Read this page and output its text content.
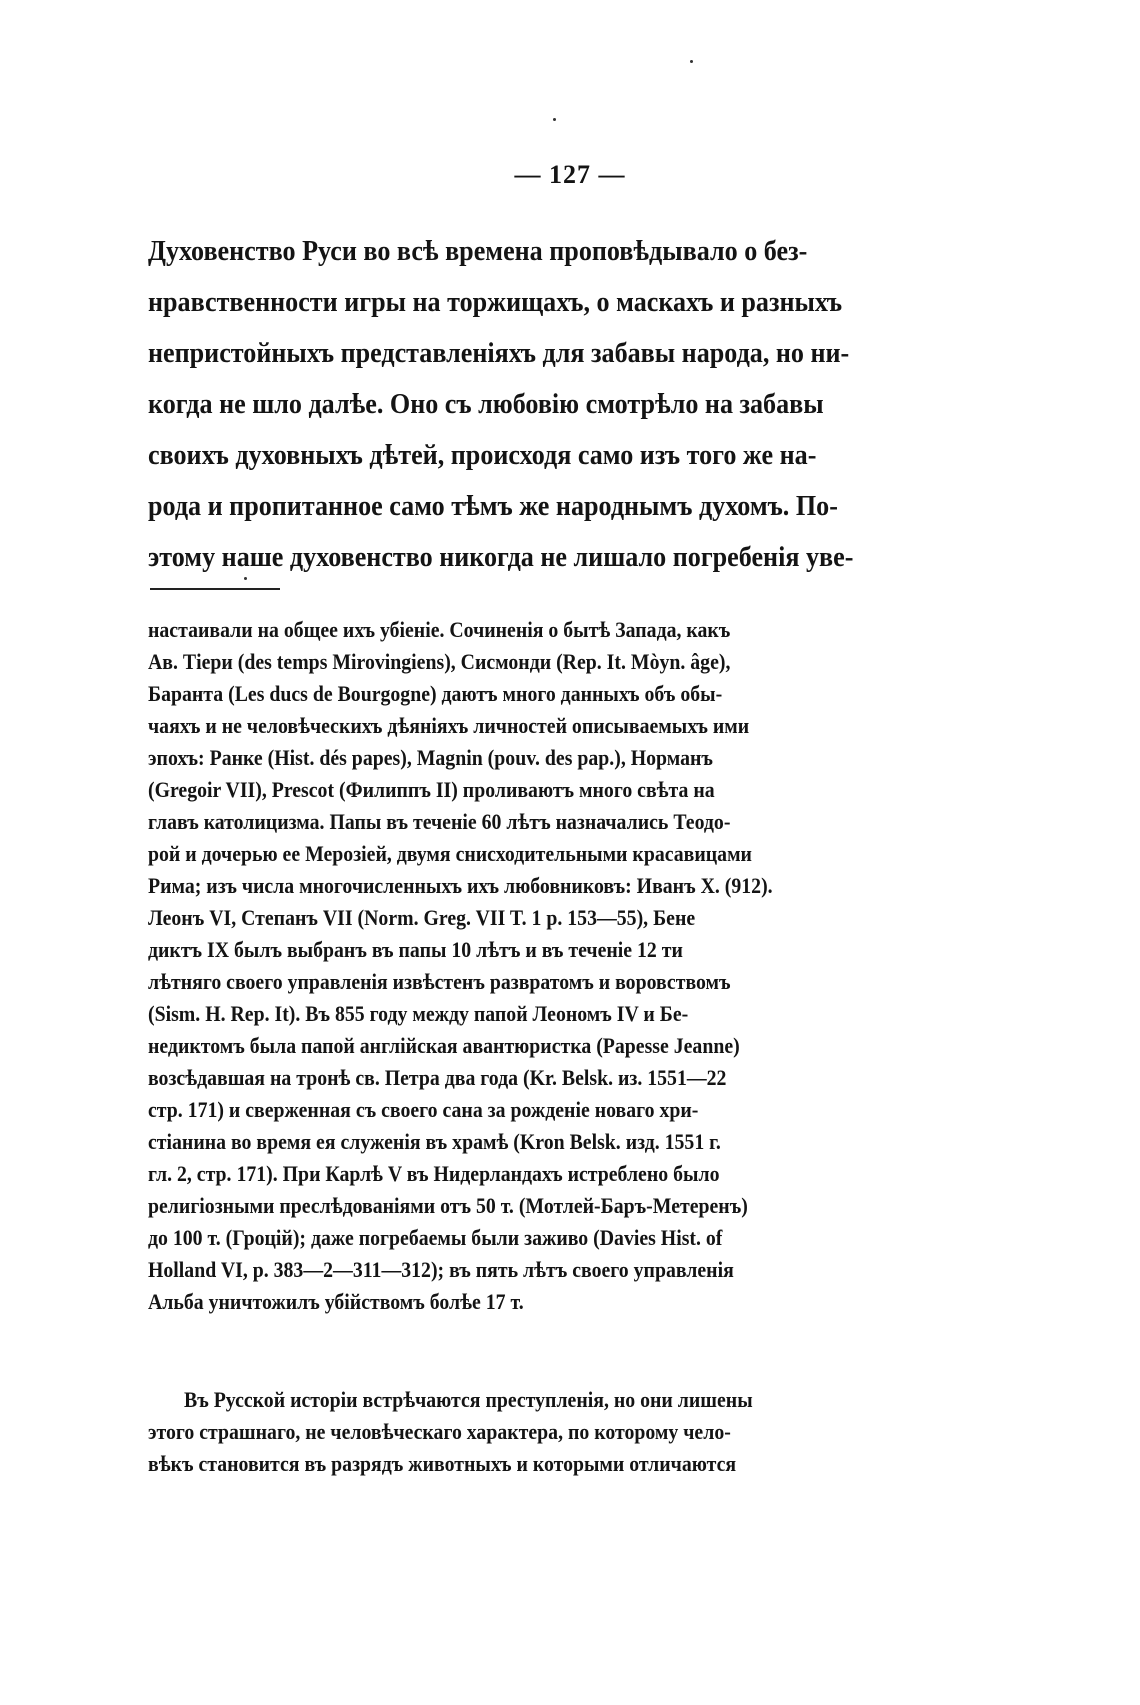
— 127 —
Духовенство Руси во всѣ времена проповѣдывало о без-
нравственности игры на торжищахъ, о маскахъ и разныхъ
непристойныхъ представленіяхъ для забавы народа, но ни-
когда не шло далѣе. Оно съ любовію смотрѣло на забавы
своихъ духовныхъ дѣтей, происходя само изъ того же на-
рода и пропитанное само тѣмъ же народнымъ духомъ. По-
этому наше духовенство никогда не лишало погребенія уве-
настаивали на общее ихъ убіеніе. Сочиненія о бытѣ Запада, какъ
Ав. Тіери (des temps Mirovingiens), Сисмонди (Rep. It. Mòyn. âge),
Баранта (Les ducs de Bourgogne) даютъ много данныхъ объ обы-
чаяхъ и не человѣческихъ дѣяніяхъ личностей описываемыхъ ими
эпохъ: Ранке (Hist. dés papes), Magnin (pouv. des pap.), Норманъ
(Gregoir VII), Prescot (Филиппъ II) проливаютъ много свѣта на
главъ католицизма. Папы въ теченіе 60 лѣтъ назначались Теодо-
рой и дочерью ее Мерозіей, двумя снисходительными красавицами
Рима; изъ числа многочисленныхъ ихъ любовниковъ: Иванъ X. (912).
Леонъ VI, Степанъ VII (Norm. Greg. VII T. 1 p. 153—55), Бене
диктъ IX былъ выбранъ въ папы 10 лѣтъ и въ теченіе 12 ти
лѣтняго своего управленія извѣстенъ развратомъ и воровствомъ
(Sism. H. Rep. It). Въ 855 году между папой Леономъ IV и Бе-
недиктомъ была папой англійская авантюристка (Papesse Jeanne)
возсѣдавшая на тронѣ св. Петра два года (Kr. Belsk. из. 1551—22
стр. 171) и сверженная съ своего сана за рожденіе новаго хри-
стіанина во время ея служенія въ храмѣ (Kron Belsk. изд. 1551 г.
гл. 2, стр. 171). При Карлѣ V въ Нидерландахъ истреблено было
религіозными преслѣдованіями отъ 50 т. (Мотлей-Баръ-Метеренъ)
до 100 т. (Гроцій); даже погребаемы были заживо (Davies Hist. of
Holland VI, p. 383—2—311—312); въ пять лѣтъ своего управленія
Альба уничтожилъ убійствомъ болѣе 17 т.
Въ Русской исторіи встрѣчаются преступленія, но они лишены
этого страшнаго, не человѣческаго характера, по которому чело-
вѣкъ становится въ разрядъ животныхъ и которыми отличаются
